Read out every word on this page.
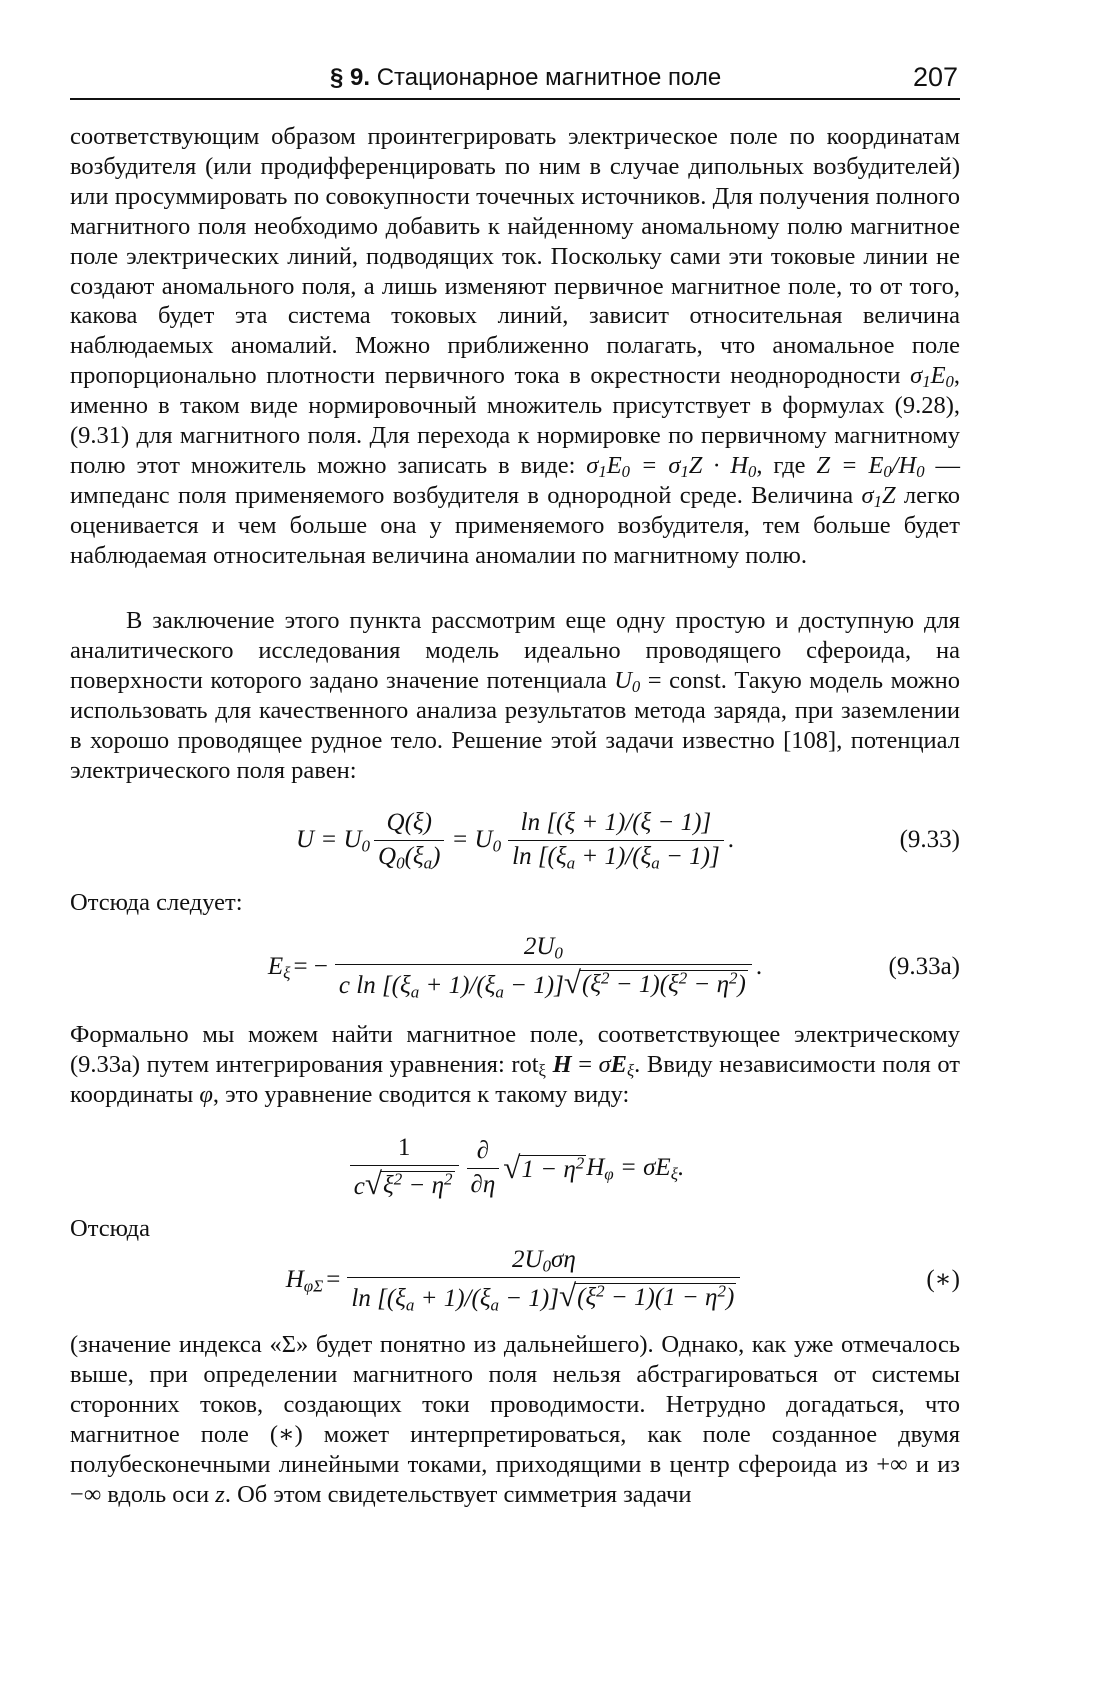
§ 9. Стационарное магнитное поле	207

соответствующим образом проинтегрировать электрическое поле по координатам возбудителя (или продифференцировать по ним в случае дипольных возбудителей) или просуммировать по совокупности точечных источников. Для получения полного магнитного поля необходимо добавить к найденному аномальному полю магнитное поле электрических линий, подводящих ток. Поскольку сами эти токовые линии не создают аномального поля, а лишь изменяют первичное магнитное поле, то от того, какова будет эта система токовых линий, зависит относительная величина наблюдаемых аномалий. Можно приближенно полагать, что аномальное поле пропорционально плотности первичного тока в окрестности неоднородности $\sigma_1E_0$, именно в таком виде нормировочный множитель присутствует в формулах (9.28), (9.31) для магнитного поля. Для перехода к нормировке по первичному магнитному полю этот множитель можно записать в виде: $\sigma_1E_0 = \sigma_1Z \cdot H_0$, где $Z = E_0/H_0$ — импеданс поля применяемого возбудителя в однородной среде. Величина $\sigma_1Z$ легко оценивается и чем больше она у применяемого возбудителя, тем больше будет наблюдаемая относительная величина аномалии по магнитному полю.

В заключение этого пункта рассмотрим еще одну простую и доступную для аналитического исследования модель идеально проводящего сфероида, на поверхности которого задано значение потенциала $U_0$ = const. Такую модель можно использовать для качественного анализа результатов метода заряда, при заземлении в хорошо проводящее рудное тело. Решение этой задачи известно [108], потенциал электрического поля равен:

$U = U_0 \frac{Q(\xi)}{Q_0(\xi_a)} = U_0 \frac{\ln [(\xi + 1)/(\xi - 1)]}{\ln [(\xi_a + 1)/(\xi_a - 1)]}$ .	(9.33)
Отсюда следует:
$E_\xi$ = − $\frac{2U_0}{c \ln [(\xi_a + 1)/(\xi_a - 1)] √ (\xi^2 - 1)(\xi^2 - \eta^2)}$ .	(9.33a)

Формально мы можем найти магнитное поле, соответствующее электрическому (9.33а) путем интегрирования уравнения: rot$_\xi$ $H = \sigma E_\xi$. Ввиду независимости поля от координаты φ, это уравнение сводится к такому виду:

$\frac{1}{c √ \xi^2 - \eta^2} \frac{\partial}{\partial\eta}$ √ $1 - \eta^2$ $H_\varphi = \sigma E_\xi$.
Отсюда
$H_{\varphi\Sigma} = \frac{2U_0\sigma\eta}{\ln [(\xi_a + 1)/(\xi_a - 1)] √ (\xi^2 - 1)(1 - \eta^2)}$	(∗)

(значение индекса «Σ» будет понятно из дальнейшего). Однако, как уже отмечалось выше, при определении магнитного поля нельзя абстрагироваться от системы сторонних токов, создающих токи проводимости. Нетрудно догадаться, что магнитное поле (∗) может интерпретироваться, как поле созданное двумя полубесконечными линейными токами, приходящими в центр сфероида из +∞ и из −∞ вдоль оси z. Об этом свидетельствует симметрия задачи
